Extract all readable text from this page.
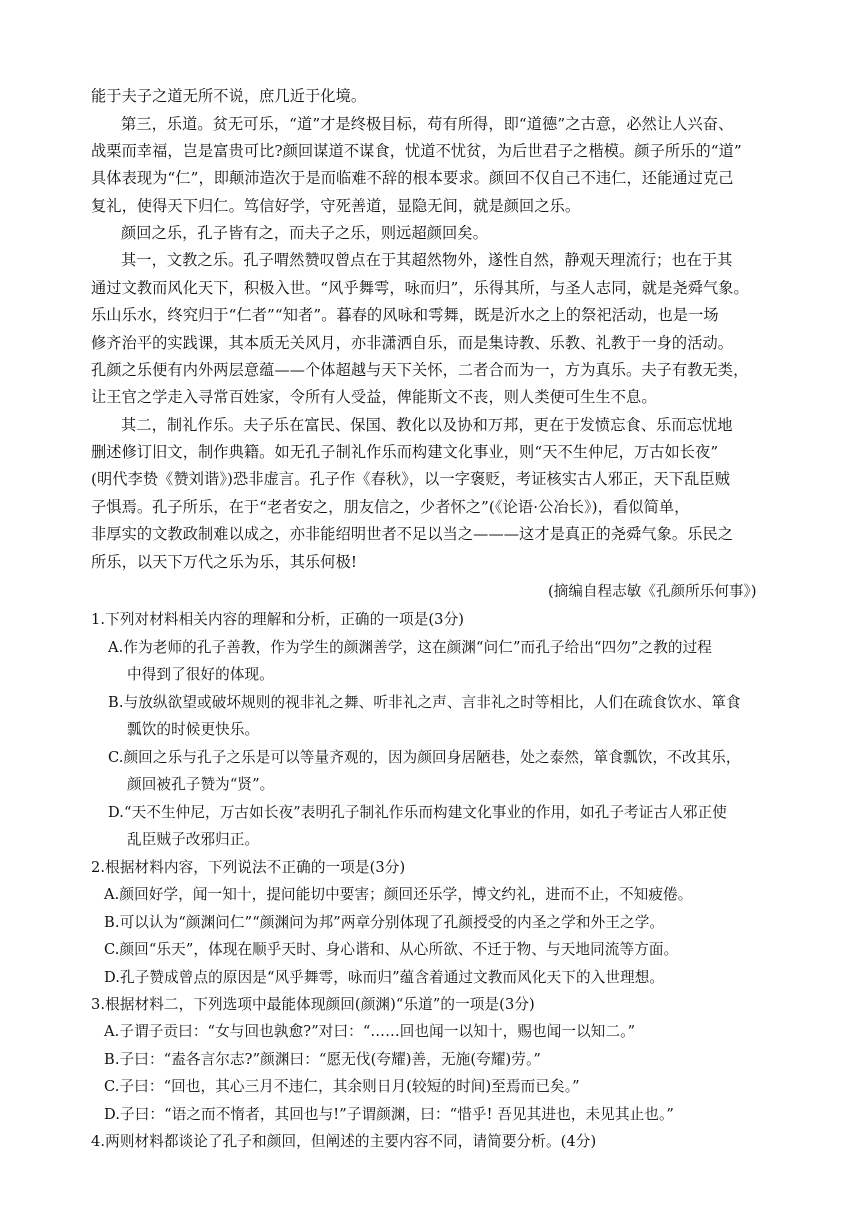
能于夫子之道无所不说，庶几近于化境。
第三，乐道。贫无可乐，“道”才是终极目标，苟有所得，即“道德”之古意，必然让人兴奋、
战栗而幸福，岂是富贵可比?颜回谋道不谋食，忧道不忧贫，为后世君子之楷模。颜子所乐的“道”
具体表现为“仁”，即颠沛造次于是而临难不辞的根本要求。颜回不仅自己不违仁，还能通过克己
复礼，使得天下归仁。笃信好学，守死善道，显隐无间，就是颜回之乐。
颜回之乐，孔子皆有之，而夫子之乐，则远超颜回矣。
其一，文教之乐。孔子喟然赞叹曾点在于其超然物外，遂性自然，静观天理流行；也在于其
通过文教而风化天下，积极入世。“风乎舞雩，咏而归”，乐得其所，与圣人志同，就是尧舜气象。
乐山乐水，终究归于“仁者”“知者”。暮春的风咏和雩舞，既是沂水之上的祭祀活动，也是一场
修齐治平的实践课，其本质无关风月，亦非潇洒自乐，而是集诗教、乐教、礼教于一身的活动。
孔颜之乐便有内外两层意蕴——个体超越与天下关怀，二者合而为一，方为真乐。夫子有教无类，
让王官之学走入寻常百姓家，令所有人受益，俾能斯文不丧，则人类便可生生不息。
其二，制礼作乐。夫子乐在富民、保国、教化以及协和万邦，更在于发愤忘食、乐而忘忧地
删述修订旧文，制作典籍。如无孔子制礼作乐而构建文化事业，则“天不生仲尼，万古如长夜”
(明代李贽《赞刘谐》)恐非虚言。孔子作《春秋》，以一字褒贬，考证核实古人邪正，天下乱臣贼
子惧焉。孔子所乐，在于“老者安之，朋友信之，少者怀之”(《论语·公冶长》)，看似简单，
非厚实的文教政制难以成之，亦非能绍明世者不足以当之———这才是真正的尧舜气象。乐民之
所乐，以天下万代之乐为乐，其乐何极!
(摘编自程志敏《孔颜所乐何事》)
1.下列对材料相关内容的理解和分析，正确的一项是(3分)
A.作为老师的孔子善教，作为学生的颜渊善学，这在颜渊“问仁”而孔子给出“四勿”之教的过程
中得到了很好的体现。
B.与放纵欲望或破坏规则的视非礼之舞、听非礼之声、言非礼之时等相比，人们在疏食饮水、箪食
瓢饮的时候更快乐。
C.颜回之乐与孔子之乐是可以等量齐观的，因为颜回身居陋巷，处之泰然，箪食瓢饮，不改其乐，
颜回被孔子赞为“贤”。
D.“天不生仲尼，万古如长夜”表明孔子制礼作乐而构建文化事业的作用，如孔子考证古人邪正使
乱臣贼子改邪归正。
2.根据材料内容，下列说法不正确的一项是(3分)
A.颜回好学，闻一知十，提问能切中要害；颜回还乐学，博文约礼，进而不止，不知疲倦。
B.可以认为“颜渊问仁”“颜渊问为邦”两章分别体现了孔颜授受的内圣之学和外王之学。
C.颜回“乐天”，体现在顺乎天时、身心谐和、从心所欲、不迁于物、与天地同流等方面。
D.孔子赞成曾点的原因是“风乎舞雩，咏而归”蕴含着通过文教而风化天下的入世理想。
3.根据材料二，下列选项中最能体现颜回(颜渊)“乐道”的一项是(3分)
A.子谓子贡曰：“女与回也孰愈?”对曰：“……回也闻一以知十，赐也闻一以知二。”
B.子曰：“盍各言尔志?”颜渊曰：“愿无伐(夸耀)善，无施(夸耀)劳。”
C.子曰：“回也，其心三月不违仁，其余则日月(较短的时间)至焉而已矣。”
D.子曰：“语之而不惰者，其回也与!”子谓颜渊，曰：“惜乎! 吾见其进也，未见其止也。”
4.两则材料都谈论了孔子和颜回，但阐述的主要内容不同，请简要分析。(4分)
